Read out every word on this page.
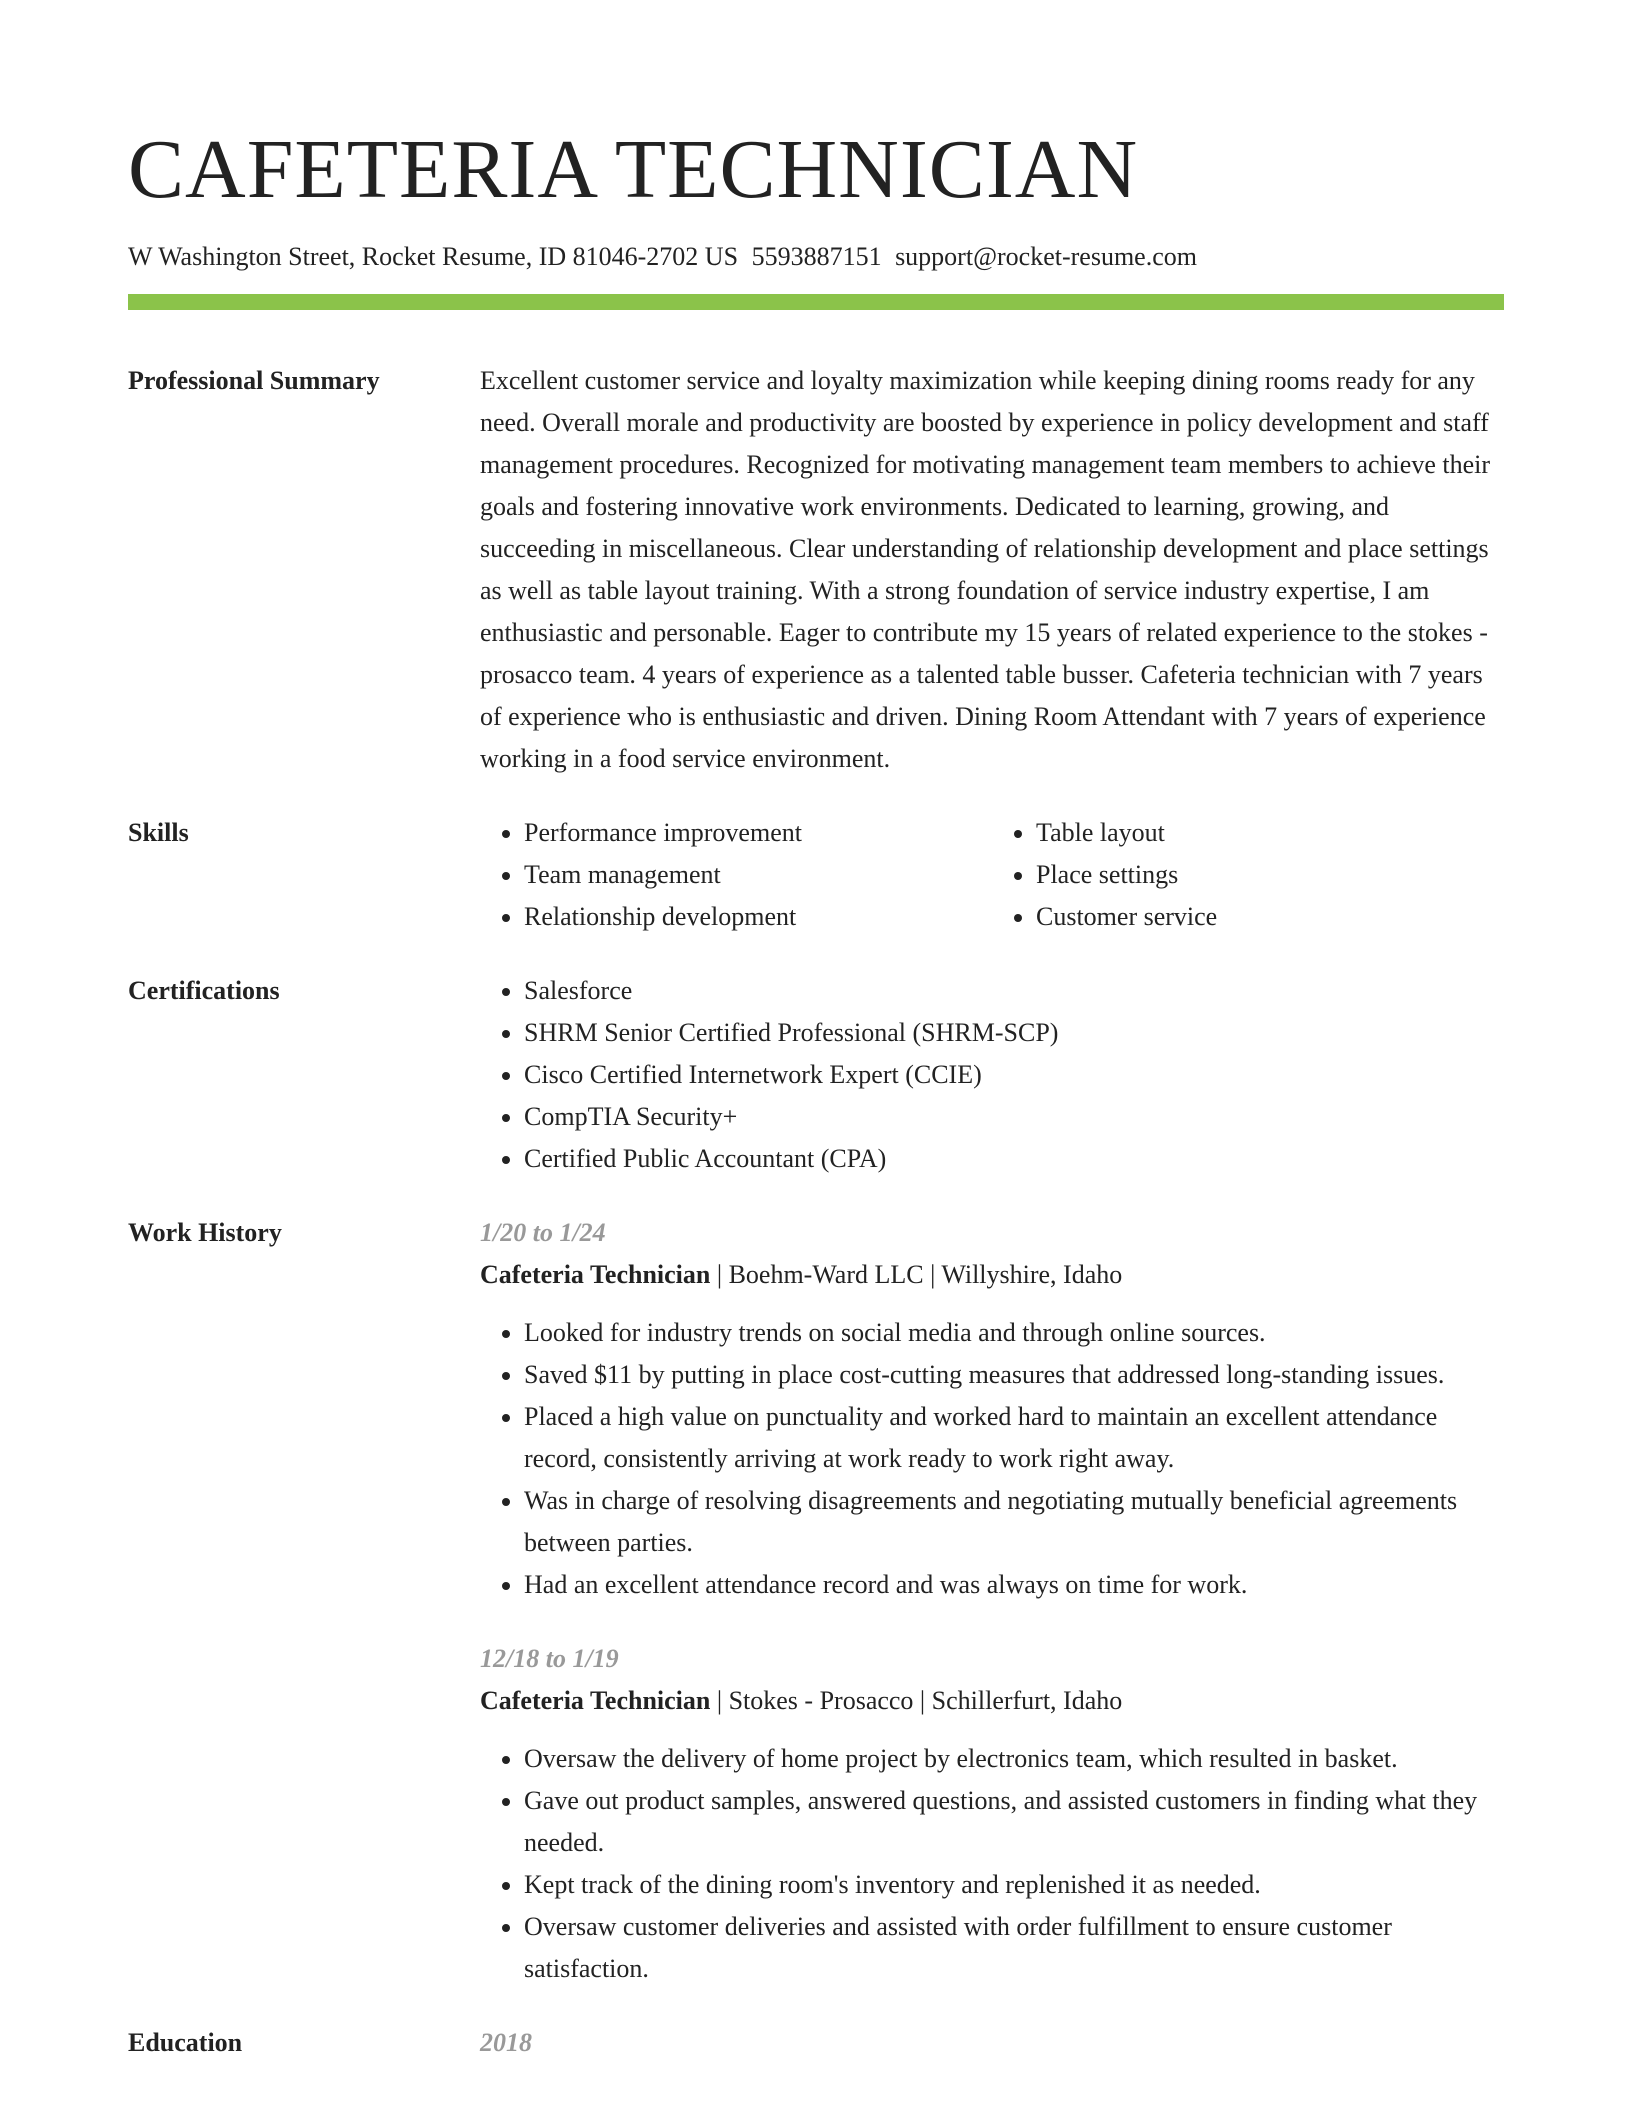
CAFETERIA TECHNICIAN
W Washington Street, Rocket Resume, ID 81046-2702 US 5593887151 support@rocket-resume.com
Professional Summary	Excellent customer service and loyalty maximization while keeping dining rooms ready for any need. Overall morale and productivity are boosted by experience in policy development and staff management procedures. Recognized for motivating management team members to achieve their goals and fostering innovative work environments. Dedicated to learning, growing, and succeeding in miscellaneous. Clear understanding of relationship development and place settings as well as table layout training. With a strong foundation of service industry expertise, I am enthusiastic and personable. Eager to contribute my 15 years of related experience to the stokes - prosacco team. 4 years of experience as a talented table busser. Cafeteria technician with 7 years of experience who is enthusiastic and driven. Dining Room Attendant with 7 years of experience working in a food service environment.

Skills	• Performance improvement
• Team management
• Relationship development
• Table layout
• Place settings
• Customer service
Certifications	• Salesforce
• SHRM Senior Certified Professional (SHRM-SCP)
• Cisco Certified Internetwork Expert (CCIE)
• CompTIA Security+
• Certified Public Accountant (CPA)
Work History	1/20 to 1/24
Cafeteria Technician | Boehm-Ward LLC | Willyshire, Idaho
• Looked for industry trends on social media and through online sources.
• Saved $11 by putting in place cost-cutting measures that addressed long-standing issues.
• Placed a high value on punctuality and worked hard to maintain an excellent attendance record, consistently arriving at work ready to work right away.
• Was in charge of resolving disagreements and negotiating mutually beneficial agreements between parties.
• Had an excellent attendance record and was always on time for work.
12/18 to 1/19
Cafeteria Technician | Stokes - Prosacco | Schillerfurt, Idaho
• Oversaw the delivery of home project by electronics team, which resulted in basket.
• Gave out product samples, answered questions, and assisted customers in finding what they needed.
• Kept track of the dining room's inventory and replenished it as needed.
• Oversaw customer deliveries and assisted with order fulfillment to ensure customer satisfaction.
Education	2018
